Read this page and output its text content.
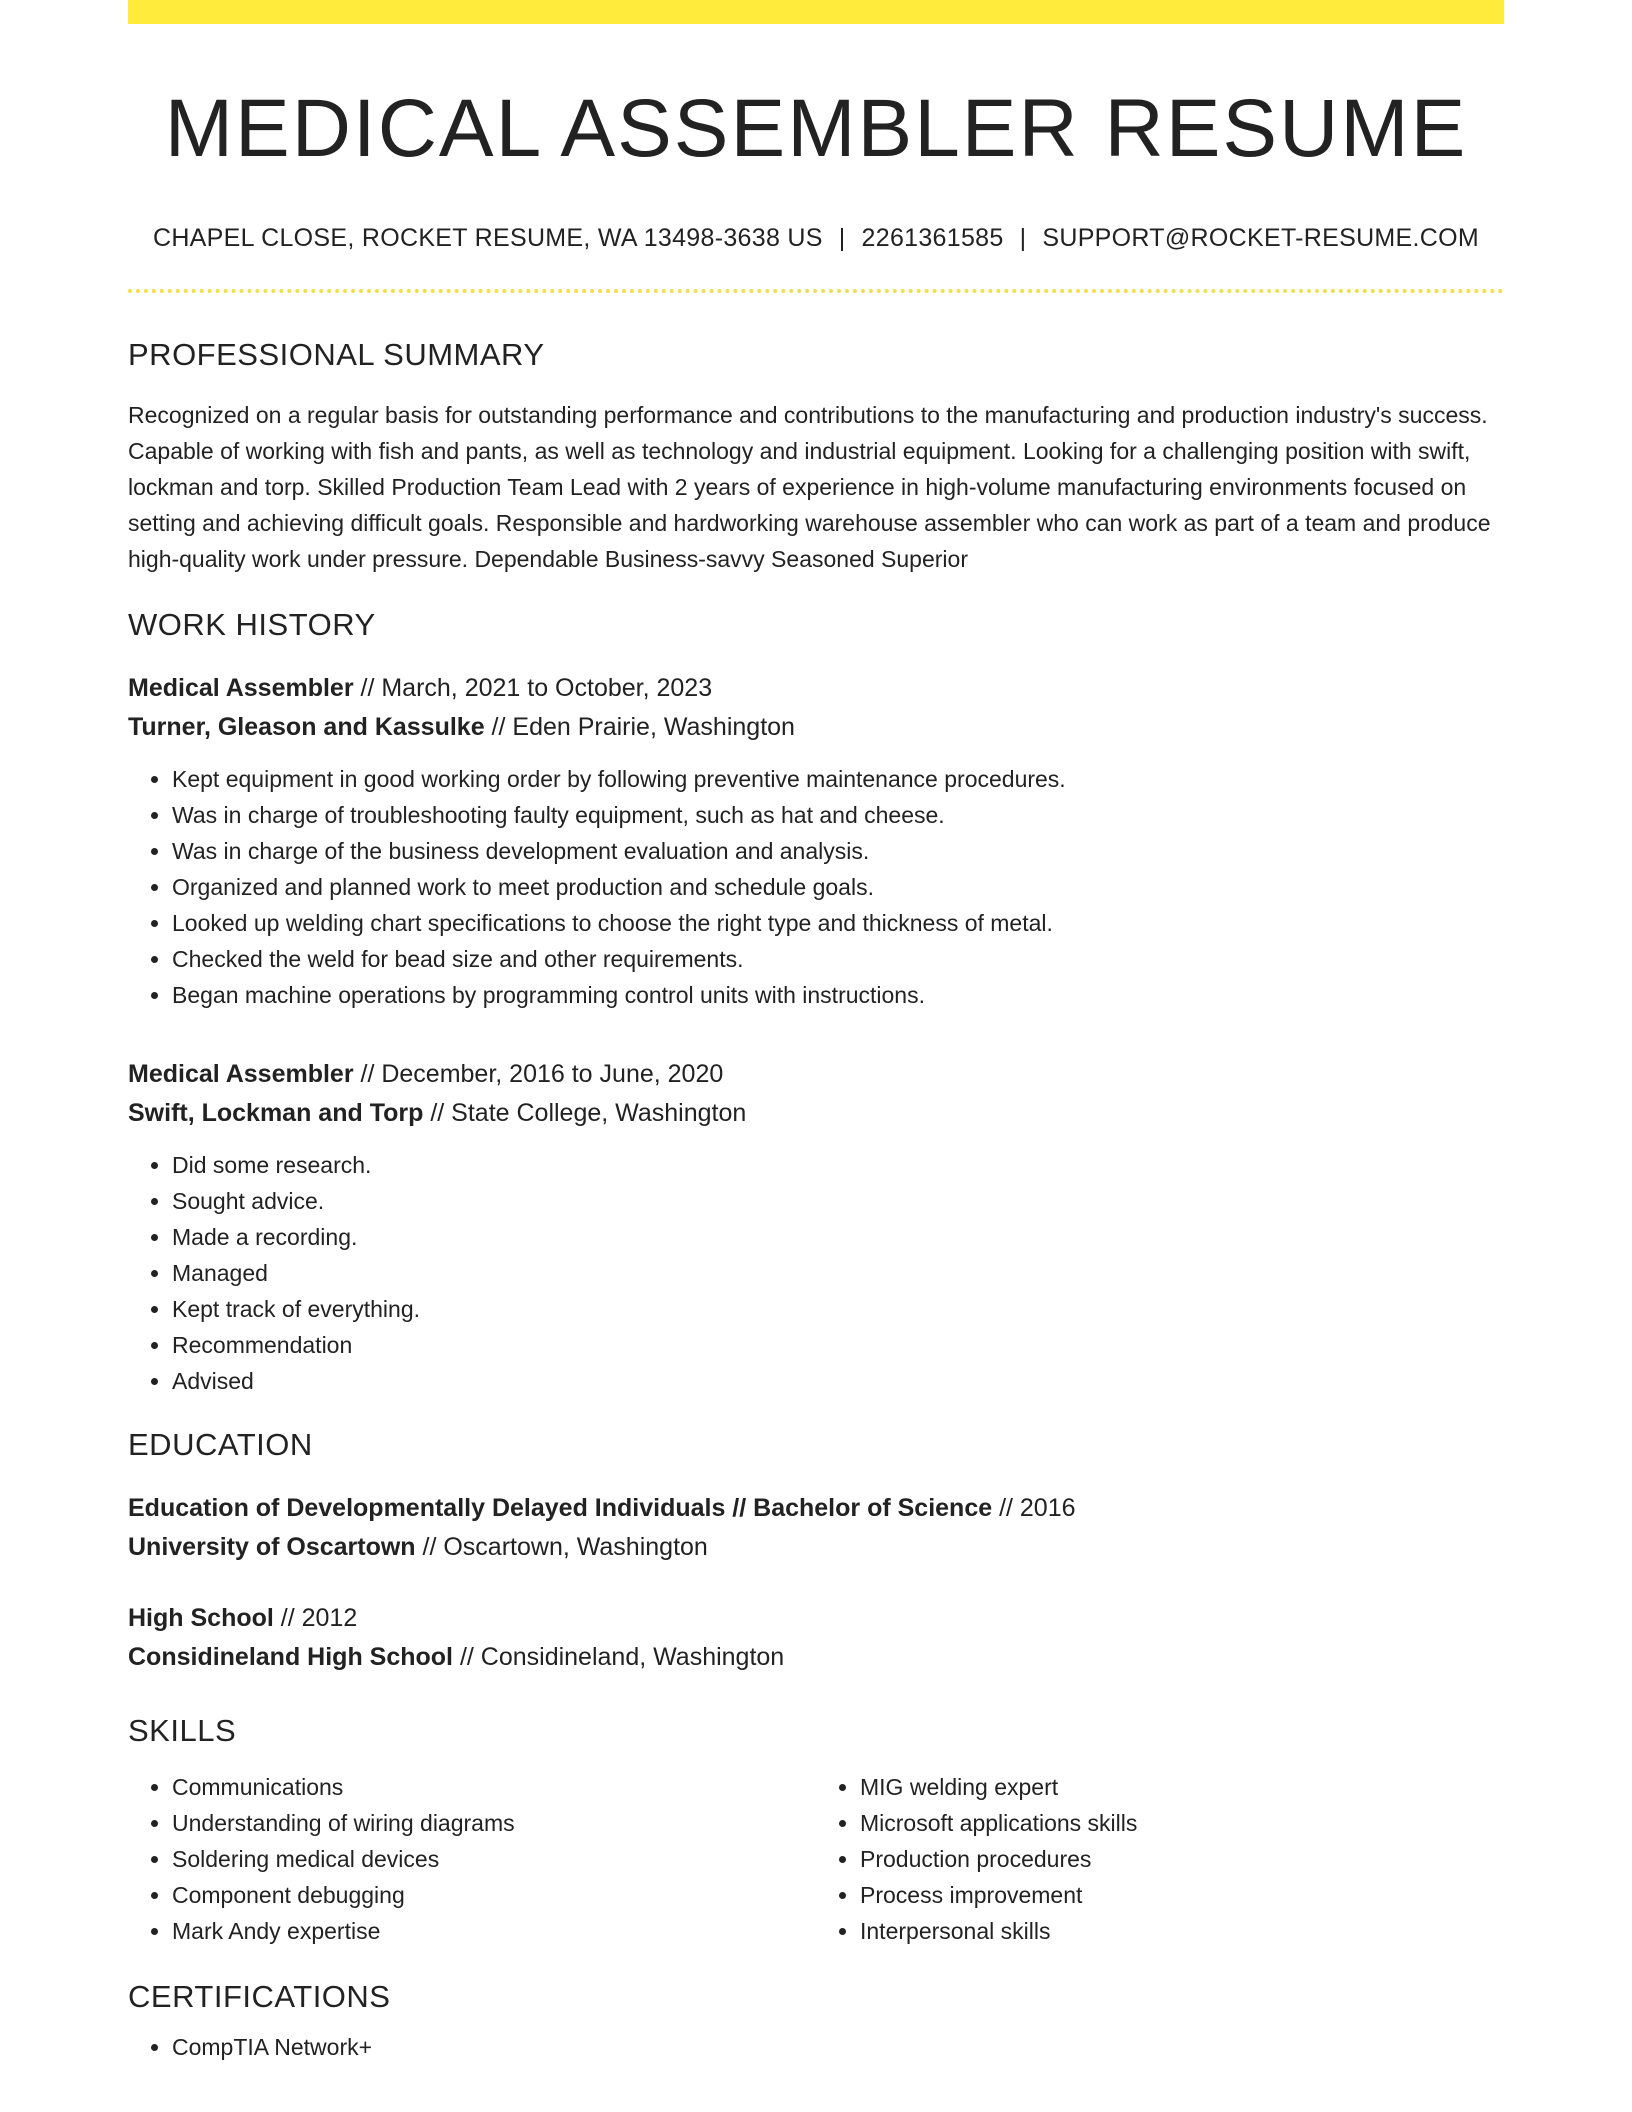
MEDICAL ASSEMBLER RESUME
CHAPEL CLOSE, ROCKET RESUME, WA 13498-3638 US | 2261361585 | SUPPORT@ROCKET-RESUME.COM
PROFESSIONAL SUMMARY
Recognized on a regular basis for outstanding performance and contributions to the manufacturing and production industry's success. Capable of working with fish and pants, as well as technology and industrial equipment. Looking for a challenging position with swift, lockman and torp. Skilled Production Team Lead with 2 years of experience in high-volume manufacturing environments focused on setting and achieving difficult goals. Responsible and hardworking warehouse assembler who can work as part of a team and produce high-quality work under pressure. Dependable Business-savvy Seasoned Superior
WORK HISTORY
Medical Assembler // March, 2021 to October, 2023
Turner, Gleason and Kassulke // Eden Prairie, Washington
• Kept equipment in good working order by following preventive maintenance procedures.
• Was in charge of troubleshooting faulty equipment, such as hat and cheese.
• Was in charge of the business development evaluation and analysis.
• Organized and planned work to meet production and schedule goals.
• Looked up welding chart specifications to choose the right type and thickness of metal.
• Checked the weld for bead size and other requirements.
• Began machine operations by programming control units with instructions.
Medical Assembler // December, 2016 to June, 2020
Swift, Lockman and Torp // State College, Washington
• Did some research.
• Sought advice.
• Made a recording.
• Managed
• Kept track of everything.
• Recommendation
• Advised
EDUCATION
Education of Developmentally Delayed Individuals // Bachelor of Science // 2016
University of Oscartown // Oscartown, Washington
High School // 2012
Considineland High School // Considineland, Washington
SKILLS
• Communications
• Understanding of wiring diagrams
• Soldering medical devices
• Component debugging
• Mark Andy expertise
• MIG welding expert
• Microsoft applications skills
• Production procedures
• Process improvement
• Interpersonal skills
CERTIFICATIONS
• CompTIA Network+
